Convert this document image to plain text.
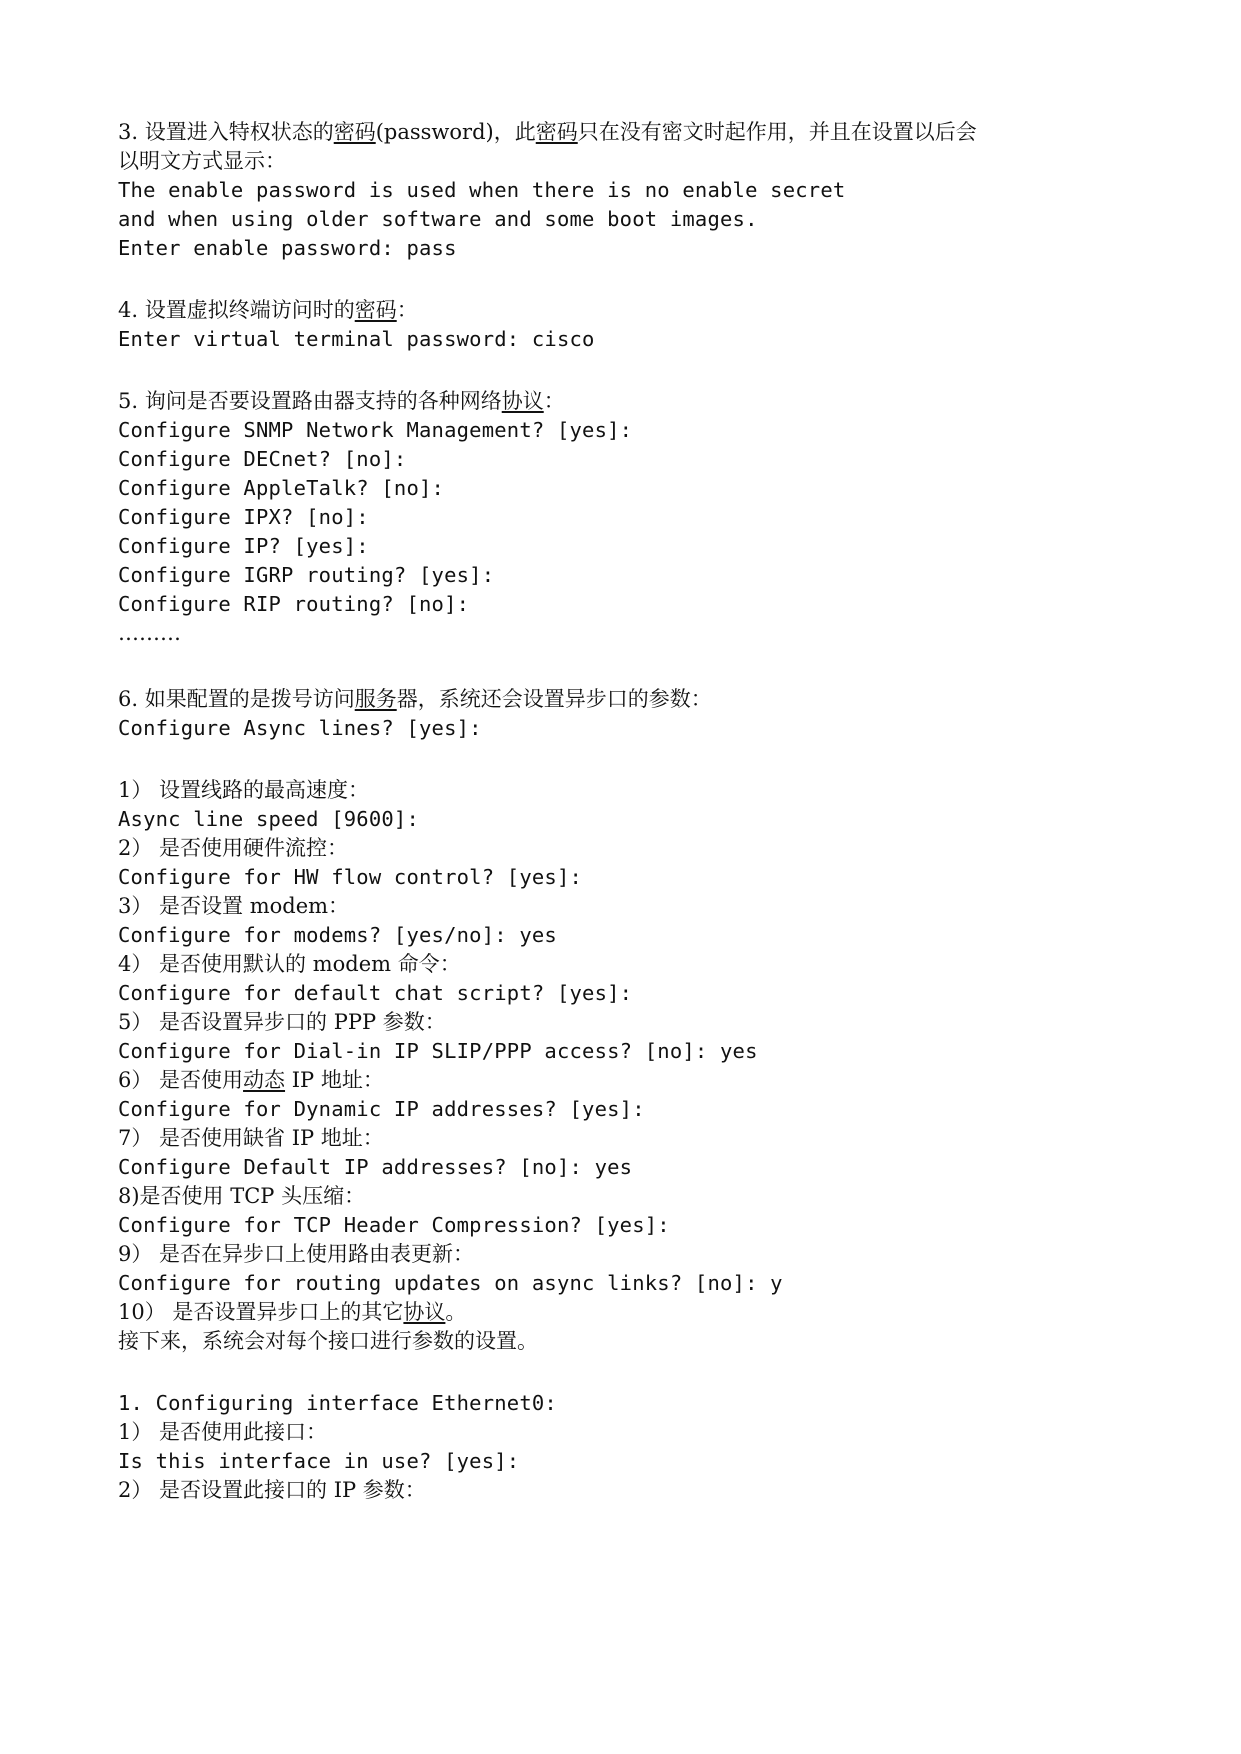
3. 设置进入特权状态的密码(password)，此密码只在没有密文时起作用，并且在设置以后会
以明文方式显示：
The enable password is used when there is no enable secret
and when using older software and some boot images.
Enter enable password: pass
4. 设置虚拟终端访问时的密码：
Enter virtual terminal password: cisco
5. 询问是否要设置路由器支持的各种网络协议：
Configure SNMP Network Management? [yes]:
Configure DECnet? [no]:
Configure AppleTalk? [no]:
Configure IPX? [no]:
Configure IP? [yes]:
Configure IGRP routing? [yes]:
Configure RIP routing? [no]:
………
6. 如果配置的是拨号访问服务器，系统还会设置异步口的参数：
Configure Async lines? [yes]:
1） 设置线路的最高速度：
Async line speed [9600]:
2） 是否使用硬件流控：
Configure for HW flow control? [yes]:
3） 是否设置 modem：
Configure for modems? [yes/no]: yes
4） 是否使用默认的 modem 命令：
Configure for default chat script? [yes]:
5） 是否设置异步口的 PPP 参数：
Configure for Dial-in IP SLIP/PPP access? [no]: yes
6） 是否使用动态 IP 地址：
Configure for Dynamic IP addresses? [yes]:
7） 是否使用缺省 IP 地址：
Configure Default IP addresses? [no]: yes
8)是否使用 TCP 头压缩：
Configure for TCP Header Compression? [yes]:
9） 是否在异步口上使用路由表更新：
Configure for routing updates on async links? [no]: y
10） 是否设置异步口上的其它协议。
接下来，系统会对每个接口进行参数的设置。
1. Configuring interface Ethernet0:
1） 是否使用此接口：
Is this interface in use? [yes]:
2） 是否设置此接口的 IP 参数：
